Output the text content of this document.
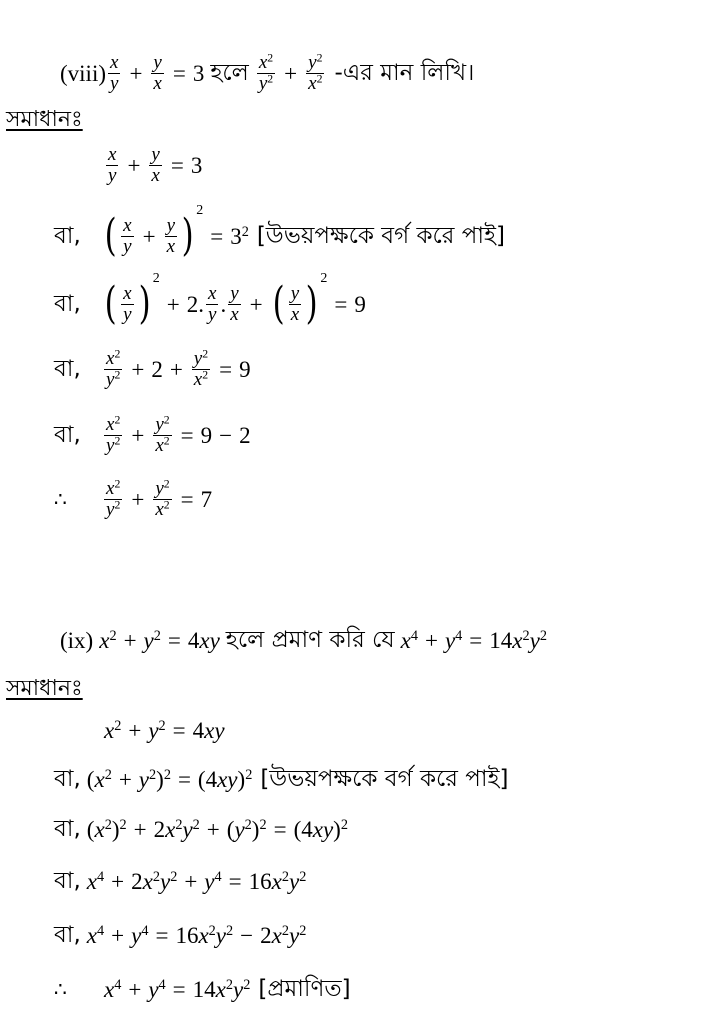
(viii) $\frac{x}{y} + \frac{y}{x} = 3$ হলে $\frac{x^2}{y^2} + \frac{y^2}{x^2}$ -এর মান লিখি।
সমাধানঃ
$\frac{x}{y} + \frac{y}{x} = 3$
বা, ( $\frac{x}{y} + \frac{y}{x}$ ) 2
= $3^2$ [উভয়পক্ষকে বর্গ করে পাই]
বা, ( $\frac{x}{y}$ ) 2
+ 2. $\frac{x}{y}$ . $\frac{y}{x}$ + ( $\frac{y}{x}$ ) 2
= 9
বা,	$\frac{x^2}{y^2} + 2 + \frac{y^2}{x^2} = 9$
বা,	$\frac{x^2}{y^2} + \frac{y^2}{x^2} = 9 - 2$
∴	$\frac{x^2}{y^2} + \frac{y^2}{x^2} = 7$
(ix) $x^2 + y^2 = 4$ xy হলে প্রমাণ করি যে $x^4 + y^4 = 14$ $x^2y^2$
সমাধানঃ
$x^2 + y^2 = 4$ xy
বা, ( $x^2 + y^2$ )$^2$ = ( 4 xy )$^2$ [উভয়পক্ষকে বর্গ করে পাই]
বা, ( $x^2$ )$^2$ + 2 $x^2y^2$ + ( $y^2$ )$^2$ = ( 4 xy )$^2$
বা, $x^4 + 2$ $x^2y^2 + y^4 = 16$ $x^2y^2$
বা, $x^4 + y^4 = 16$ $x^2y^2 - 2$ $x^2y^2$
∴	$x^4 + y^4 = 14$ $x^2y^2$ [প্রমাণিত]
